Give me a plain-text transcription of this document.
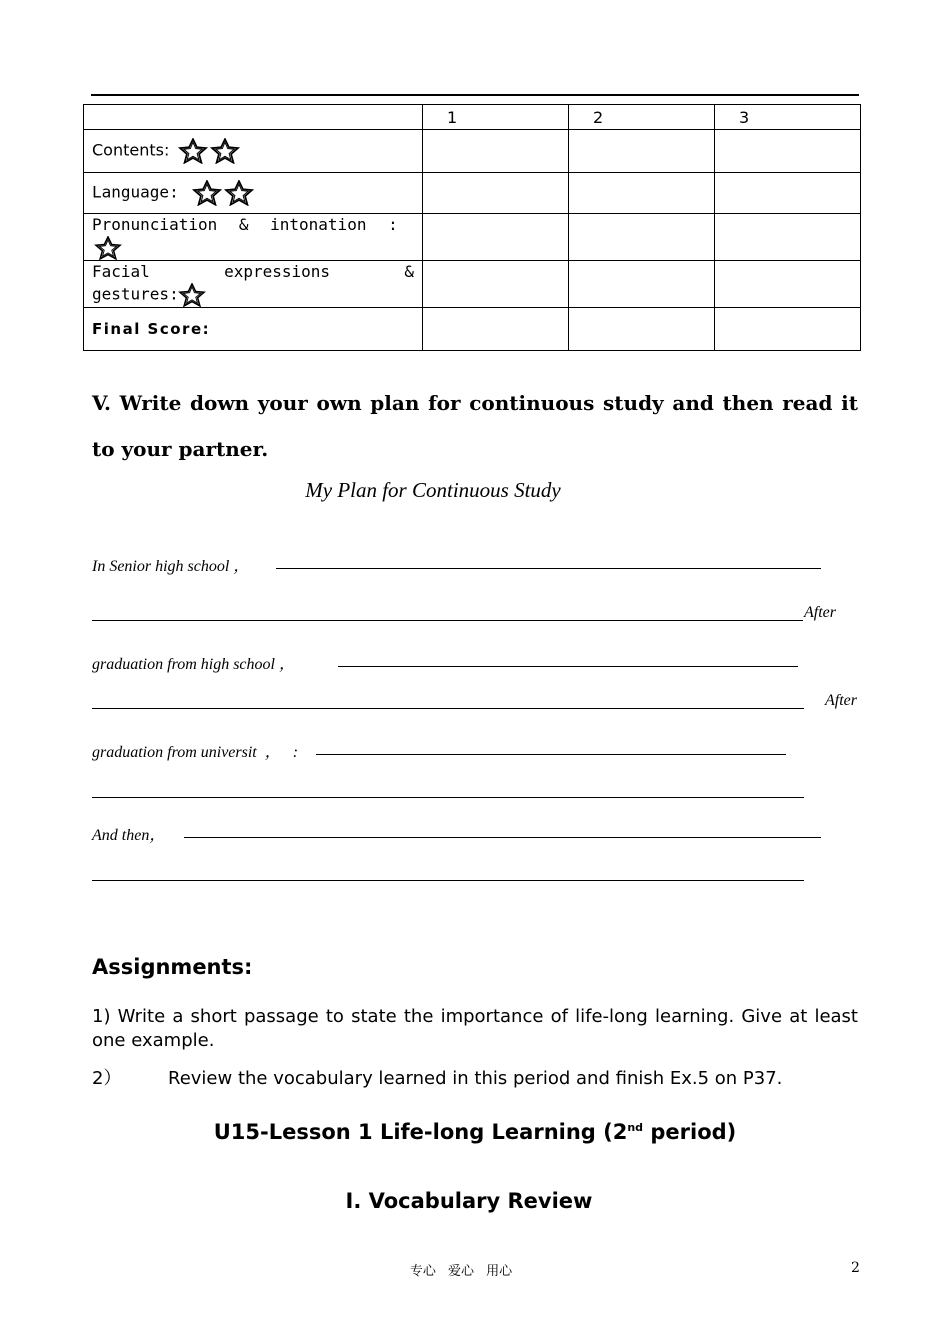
	1	2	3
Contents:			
Language:			

Pronunciation & intonation :			

Facial expressions &
gestures:			
Final Score:			
V. Write down your own plan for continuous study and then read it to your partner.
My Plan for Continuous Study
In Senior high school ，
After
graduation from high school ，
After
graduation from universit  ，   :
And then，
Assignments:
1) Write a short passage to state the importance of life-long learning. Give at least one example.
2）	Review the vocabulary learned in this period and finish Ex.5 on P37.
U15-Lesson 1 Life-long Learning (2nd period)
I. Vocabulary Review
专心 爱心 用心	2
